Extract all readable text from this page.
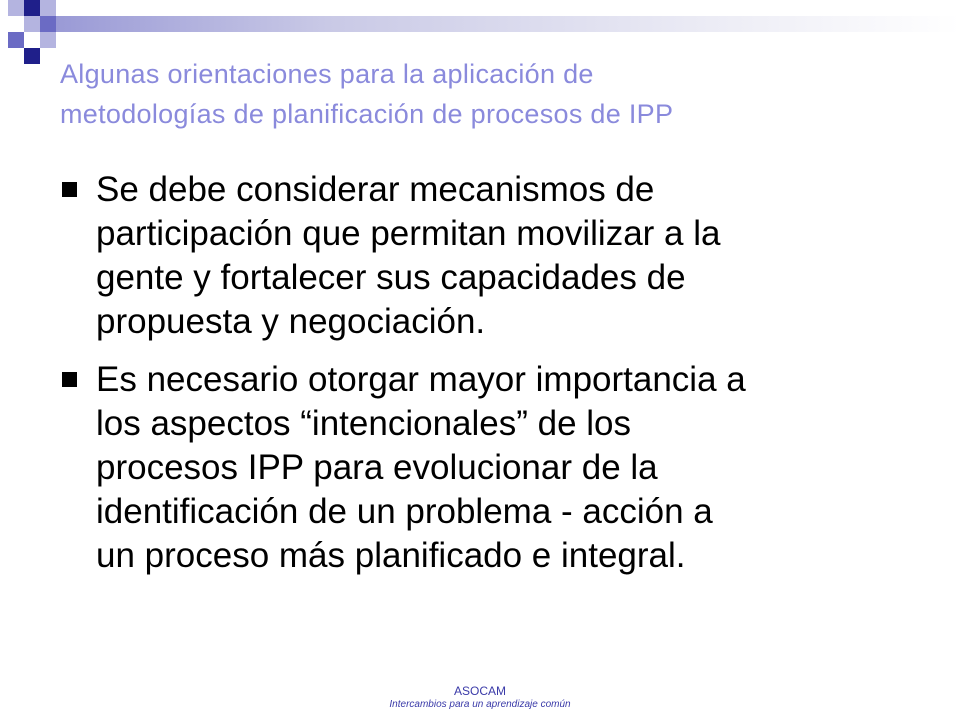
Algunas orientaciones para la aplicación de
metodologías de planificación de procesos de IPP
Se debe considerar mecanismos de
participación que permitan movilizar a la
gente y fortalecer sus capacidades de
propuesta y negociación.
Es necesario otorgar mayor importancia a
los aspectos “intencionales” de los
procesos IPP para evolucionar de la
identificación de un problema - acción a
un proceso más planificado e integral.
ASOCAM
Intercambios para un aprendizaje común
